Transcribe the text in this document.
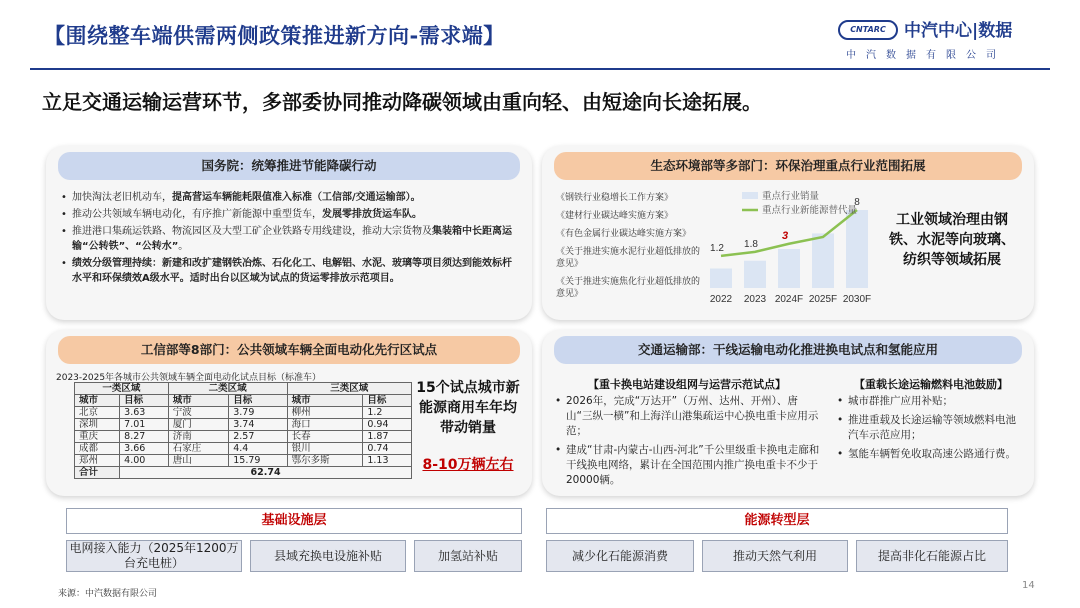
【围绕整车端供需两侧政策推进新方向-需求端】	CNTARC	中汽中心|数据
中汽数据有限公司
立足交通运输运营环节，多部委协同推动降碳领域由重向轻、由短途向长途拓展。
国务院：统筹推进节能降碳行动
• 加快淘汰老旧机动车，提高营运车辆能耗限值准入标准（工信部/交通运输部）。
• 推动公共领域车辆电动化，有序推广新能源中重型货车，发展零排放货运车队。
• 推进港口集疏运铁路、物流园区及大型工矿企业铁路专用线建设，推动大宗货物及集装箱中长距离运输“公转铁”、“公转水”。
• 绩效分级管理持续：新建和改扩建钢铁冶炼、石化化工、电解铝、水泥、玻璃等项目须达到能效标杆水平和环保绩效A级水平。适时出台以区域为试点的货运零排放示范项目。
生态环境部等多部门：环保治理重点行业范围拓展
《钢铁行业稳增长工作方案》
《建材行业碳达峰实施方案》
《有色金属行业碳达峰实施方案》
《关于推进实施水泥行业超低排放的意见》
《关于推进实施焦化行业超低排放的意见》
1.2 1.8
3
8
2022 2023 2024F 2025F 2030F
重点行业销量
重点行业新能源替代量
工业领域治理由钢铁、水泥等向玻璃、纺织等领域拓展
工信部等8部门：公共领域车辆全面电动化先行区试点
2023-2025年各城市公共领域车辆全面电动化试点目标（标准车）
一类区域		二类区域		三类区域	
城市	目标	城市	目标	城市	目标
北京	3.63	宁波	3.79	柳州	1.2
深圳	7.01	厦门	3.74	海口	0.94
重庆	8.27	济南	2.57	长春	1.87
成都	3.66	石家庄	4.4	银川	0.74
郑州	4.00	唐山	15.79	鄂尔多斯	1.13
合计	62.74				
15个试点城市新能源商用车年均带动销量
8-10万辆左右
交通运输部：干线运输电动化推进换电试点和氢能应用
【重卡换电站建设组网与运营示范试点】
• 2026年，完成“万达开”（万州、达州、开州）、唐山“三纵一横”和上海洋山港集疏运中心换电重卡应用示范；
• 建成“甘肃-内蒙古-山西-河北”千公里级重卡换电走廊和干线换电网络，累计在全国范围内推广换电重卡不少于20000辆。
【重载长途运输燃料电池鼓励】
• 城市群推广应用补贴；
• 推进重载及长途运输等领域燃料电池汽车示范应用；
• 氢能车辆暂免收取高速公路通行费。
基础设施层
电网接入能力（2025年1200万台充电桩）
县域充换电设施补贴	加氢站补贴
能源转型层
减少化石能源消费	推动天然气利用	提高非化石能源占比
来源：中汽数据有限公司
14
